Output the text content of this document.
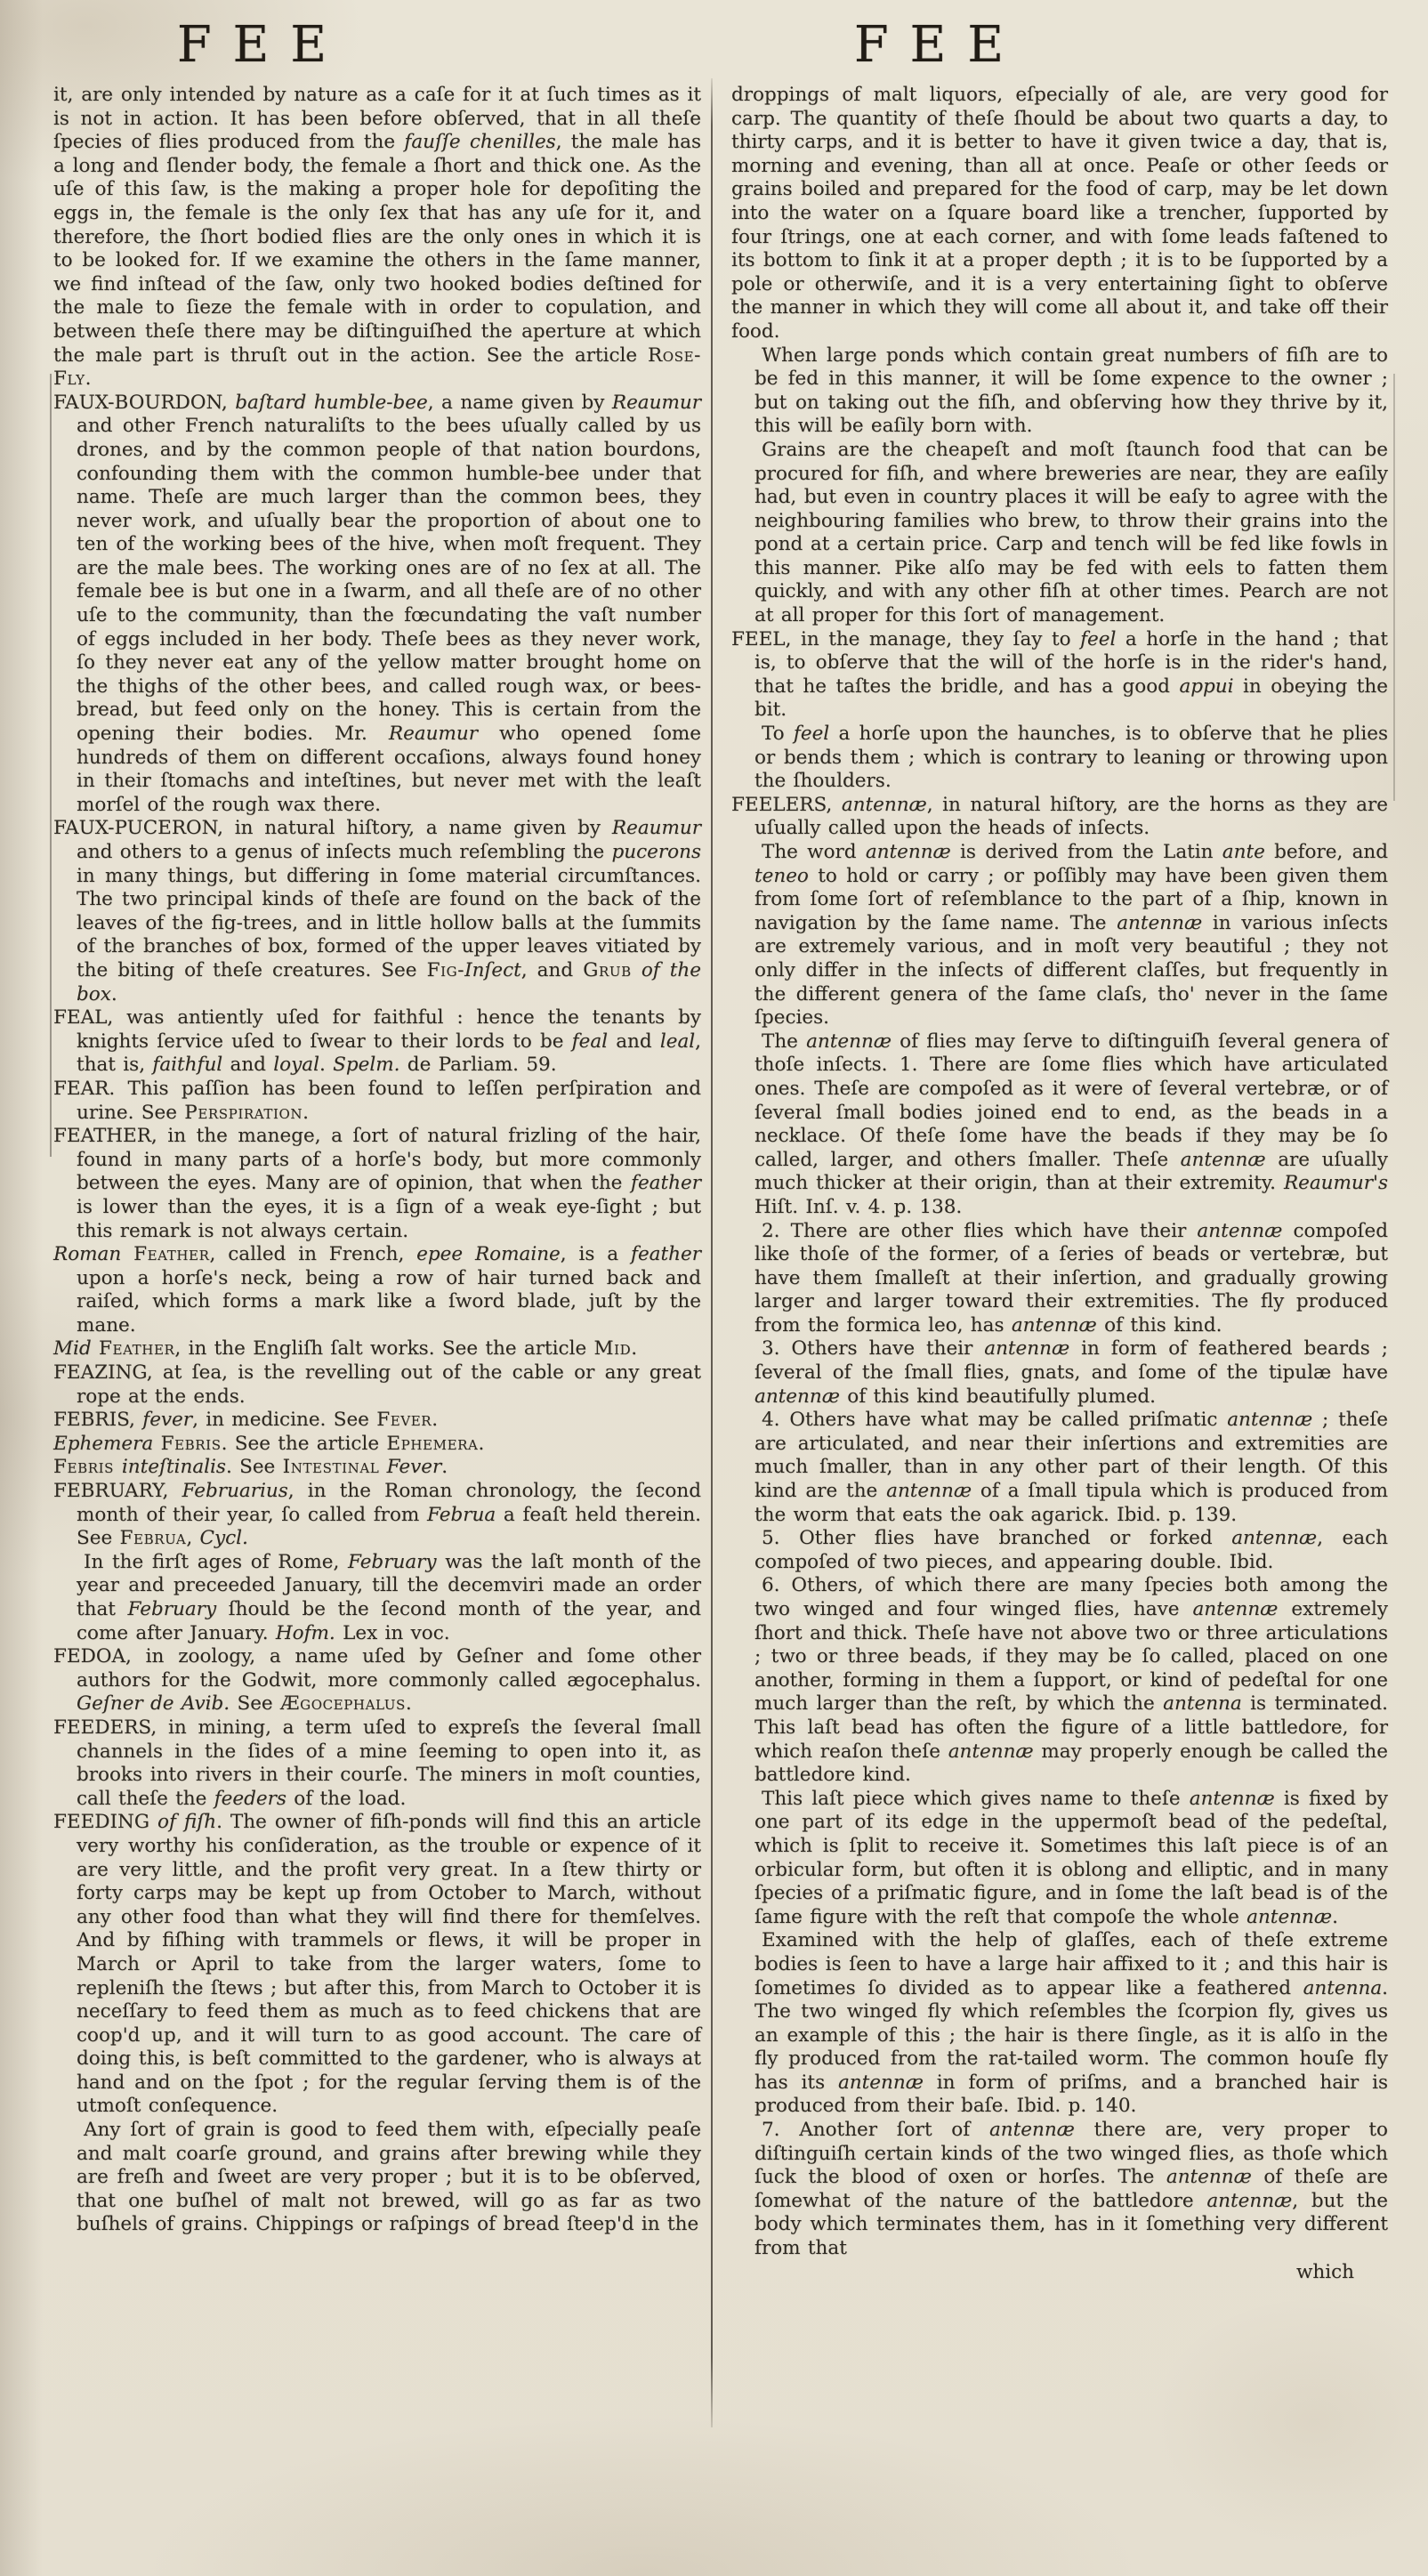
F E E	F E E
it, are only intended by nature as a caſe for it at ſuch times as it is not in action. It has been before obſerved, that in all theſe ſpecies of flies produced from the fauſſe chenilles, the male has a long and ſlender body, the female a ſhort and thick one. As the uſe of this ſaw, is the making a proper hole for depoſiting the eggs in, the female is the only ſex that has any uſe for it, and therefore, the ſhort bodied flies are the only ones in which it is to be looked for. If we examine the others in the ſame manner, we find inſtead of the ſaw, only two hooked bodies deſtined for the male to ſieze the female with in order to copulation, and between theſe there may be diſtinguiſhed the aperture at which the male part is thruſt out in the action. See the article Rose-Fly.
FAUX-BOURDON, baſtard humble-bee, a name given by Reaumur and other French naturaliſts to the bees uſually called by us drones, and by the common people of that nation bourdons, confounding them with the common humble-bee under that name. Theſe are much larger than the common bees, they never work, and uſually bear the proportion of about one to ten of the working bees of the hive, when moſt frequent. They are the male bees. The working ones are of no ſex at all. The female bee is but one in a ſwarm, and all theſe are of no other uſe to the community, than the fœcundating the vaſt number of eggs included in her body. Theſe bees as they never work, ſo they never eat any of the yellow matter brought home on the thighs of the other bees, and called rough wax, or bees-bread, but feed only on the honey. This is certain from the opening their bodies. Mr. Reaumur who opened ſome hundreds of them on different occaſions, always found honey in their ſtomachs and inteſtines, but never met with the leaſt morſel of the rough wax there.
FAUX-PUCERON, in natural hiſtory, a name given by Reaumur and others to a genus of inſects much reſembling the pucerons in many things, but differing in ſome material circumſtances. The two principal kinds of theſe are found on the back of the leaves of the fig-trees, and in little hollow balls at the ſummits of the branches of box, formed of the upper leaves vitiated by the biting of theſe creatures. See Fig-Inſect, and Grub of the box.
FEAL, was antiently uſed for faithful : hence the tenants by knights ſervice uſed to ſwear to their lords to be feal and leal, that is, faithful and loyal. Spelm. de Parliam. 59.
FEAR. This paſſion has been found to leſſen perſpiration and urine. See Perspiration.
FEATHER, in the manege, a ſort of natural frizling of the hair, found in many parts of a horſe's body, but more commonly between the eyes. Many are of opinion, that when the feather is lower than the eyes, it is a ſign of a weak eye-ſight ; but this remark is not always certain.
Roman Feather, called in French, epee Romaine, is a feather upon a horſe's neck, being a row of hair turned back and raiſed, which forms a mark like a ſword blade, juſt by the mane.
Mid Feather, in the Engliſh ſalt works. See the article Mid.
FEAZING, at ſea, is the revelling out of the cable or any great rope at the ends.
FEBRIS, fever, in medicine. See Fever.
Ephemera Febris. See the article Ephemera.
Febris inteſtinalis. See Intestinal Fever.
FEBRUARY, Februarius, in the Roman chronology, the ſecond month of their year, ſo called from Februa a feaſt held therein. See Februa, Cycl.
In the firſt ages of Rome, February was the laſt month of the year and preceeded January, till the decemviri made an order that February ſhould be the ſecond month of the year, and come after January. Hofm. Lex in voc.
FEDOA, in zoology, a name uſed by Geſner and ſome other authors for the Godwit, more commonly called ægocephalus. Geſner de Avib. See Ægocephalus.
FEEDERS, in mining, a term uſed to expreſs the ſeveral ſmall channels in the ſides of a mine ſeeming to open into it, as brooks into rivers in their courſe. The miners in moſt counties, call theſe the feeders of the load.
FEEDING of fiſh. The owner of fiſh-ponds will find this an article very worthy his conſideration, as the trouble or expence of it are very little, and the profit very great. In a ſtew thirty or forty carps may be kept up from October to March, without any other food than what they will find there for themſelves. And by fiſhing with trammels or flews, it will be proper in March or April to take from the larger waters, ſome to repleniſh the ſtews ; but after this, from March to October it is neceſſary to feed them as much as to feed chickens that are coop'd up, and it will turn to as good account. The care of doing this, is beſt committed to the gardener, who is always at hand and on the ſpot ; for the regular ſerving them is of the utmoſt conſequence.
Any ſort of grain is good to feed them with, eſpecially peaſe and malt coarſe ground, and grains after brewing while they are freſh and ſweet are very proper ; but it is to be obſerved, that one buſhel of malt not brewed, will go as far as two buſhels of grains. Chippings or raſpings of bread ſteep'd in the
droppings of malt liquors, eſpecially of ale, are very good for carp. The quantity of theſe ſhould be about two quarts a day, to thirty carps, and it is better to have it given twice a day, that is, morning and evening, than all at once. Peaſe or other ſeeds or grains boiled and prepared for the food of carp, may be let down into the water on a ſquare board like a trencher, ſupported by four ſtrings, one at each corner, and with ſome leads faſtened to its bottom to ſink it at a proper depth ; it is to be ſupported by a pole or otherwiſe, and it is a very entertaining ſight to obſerve the manner in which they will come all about it, and take off their food.
When large ponds which contain great numbers of fiſh are to be fed in this manner, it will be ſome expence to the owner ; but on taking out the fiſh, and obſerving how they thrive by it, this will be eaſily born with.
Grains are the cheapeſt and moſt ſtaunch food that can be procured for fiſh, and where breweries are near, they are eaſily had, but even in country places it will be eaſy to agree with the neighbouring families who brew, to throw their grains into the pond at a certain price. Carp and tench will be fed like fowls in this manner. Pike alſo may be fed with eels to fatten them quickly, and with any other fiſh at other times. Pearch are not at all proper for this ſort of management.
FEEL, in the manage, they ſay to feel a horſe in the hand ; that is, to obſerve that the will of the horſe is in the rider's hand, that he taſtes the bridle, and has a good appui in obeying the bit.
To feel a horſe upon the haunches, is to obſerve that he plies or bends them ; which is contrary to leaning or throwing upon the ſhoulders.
FEELERS, antennæ, in natural hiſtory, are the horns as they are uſually called upon the heads of inſects.
The word antennæ is derived from the Latin ante before, and teneo to hold or carry ; or poſſibly may have been given them from ſome ſort of reſemblance to the part of a ſhip, known in navigation by the ſame name. The antennæ in various inſects are extremely various, and in moſt very beautiful ; they not only differ in the inſects of different claſſes, but frequently in the different genera of the ſame claſs, tho' never in the ſame ſpecies.
The antennæ of flies may ſerve to diſtinguiſh ſeveral genera of thoſe inſects. 1. There are ſome flies which have articulated ones. Theſe are compoſed as it were of ſeveral vertebræ, or of ſeveral ſmall bodies joined end to end, as the beads in a necklace. Of theſe ſome have the beads if they may be ſo called, larger, and others ſmaller. Theſe antennæ are uſually much thicker at their origin, than at their extremity. Reaumur's Hiſt. Inſ. v. 4. p. 138.
2. There are other flies which have their antennæ compoſed like thoſe of the former, of a ſeries of beads or vertebræ, but have them ſmalleſt at their inſertion, and gradually growing larger and larger toward their extremities. The fly produced from the formica leo, has antennæ of this kind.
3. Others have their antennæ in form of feathered beards ; ſeveral of the ſmall flies, gnats, and ſome of the tipulæ have antennæ of this kind beautifully plumed.
4. Others have what may be called priſmatic antennæ ; theſe are articulated, and near their inſertions and extremities are much ſmaller, than in any other part of their length. Of this kind are the antennæ of a ſmall tipula which is produced from the worm that eats the oak agarick. Ibid. p. 139.
5. Other flies have branched or forked antennæ, each compoſed of two pieces, and appearing double. Ibid.
6. Others, of which there are many ſpecies both among the two winged and four winged flies, have antennæ extremely ſhort and thick. Theſe have not above two or three articulations ; two or three beads, if they may be ſo called, placed on one another, forming in them a ſupport, or kind of pedeſtal for one much larger than the reſt, by which the antenna is terminated. This laſt bead has often the figure of a little battledore, for which reaſon theſe antennæ may properly enough be called the battledore kind.
This laſt piece which gives name to theſe antennæ is fixed by one part of its edge in the uppermoſt bead of the pedeſtal, which is ſplit to receive it. Sometimes this laſt piece is of an orbicular form, but often it is oblong and elliptic, and in many ſpecies of a priſmatic figure, and in ſome the laſt bead is of the ſame figure with the reſt that compoſe the whole antennæ.
Examined with the help of glaſſes, each of theſe extreme bodies is ſeen to have a large hair affixed to it ; and this hair is ſometimes ſo divided as to appear like a feathered antenna. The two winged fly which reſembles the ſcorpion fly, gives us an example of this ; the hair is there ſingle, as it is alſo in the fly produced from the rat-tailed worm. The common houſe fly has its antennæ in form of priſms, and a branched hair is produced from their baſe. Ibid. p. 140.
7. Another ſort of antennæ there are, very proper to diſtinguiſh certain kinds of the two winged flies, as thoſe which ſuck the blood of oxen or horſes. The antennæ of theſe are ſomewhat of the nature of the battledore antennæ, but the body which terminates them, has in it ſomething very different from that
which
